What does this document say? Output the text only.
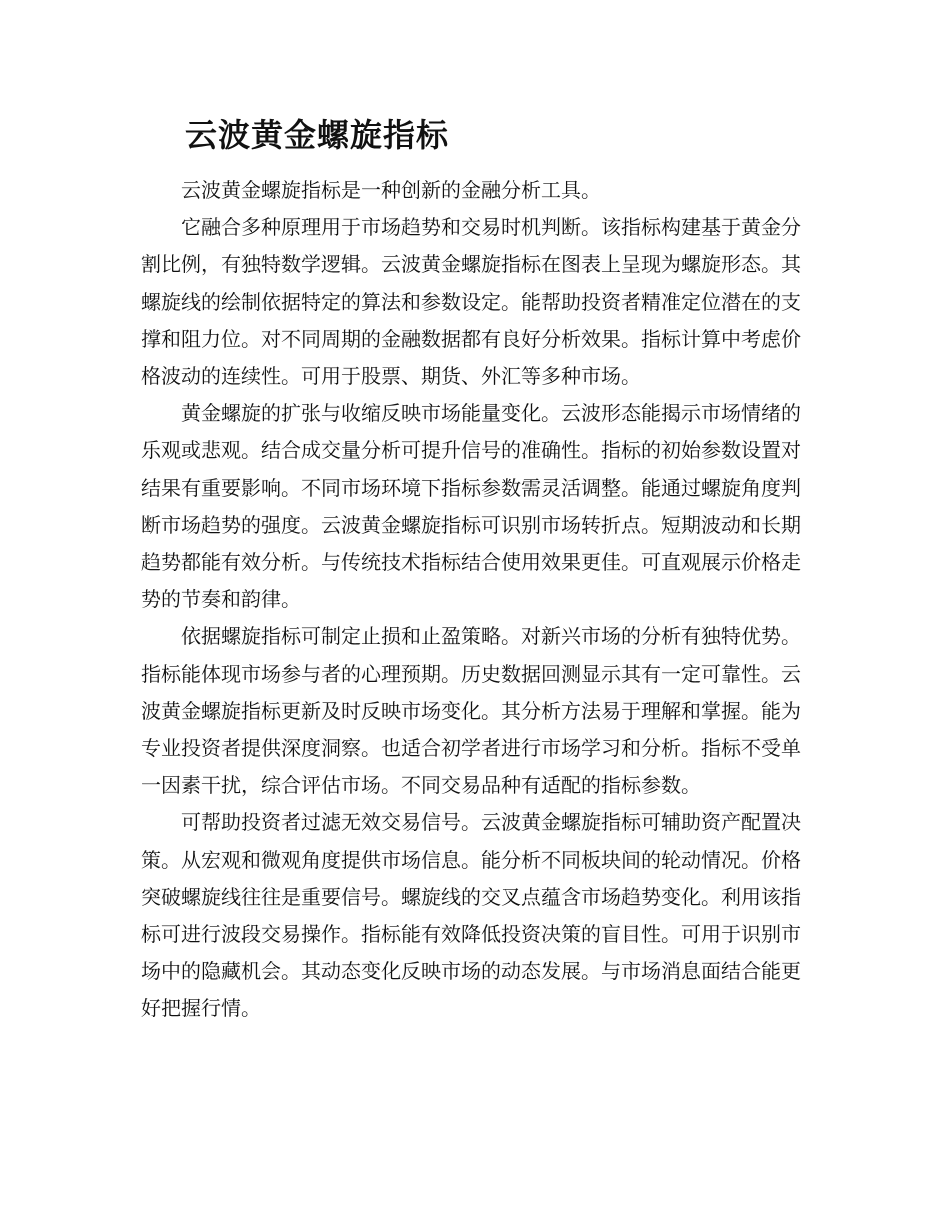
云波黄金螺旋指标

云波黄金螺旋指标是一种创新的金融分析工具。

它融合多种原理用于市场趋势和交易时机判断。该指标构建基于黄金分割比例，有独特数学逻辑。云波黄金螺旋指标在图表上呈现为螺旋形态。其螺旋线的绘制依据特定的算法和参数设定。能帮助投资者精准定位潜在的支撑和阻力位。对不同周期的金融数据都有良好分析效果。指标计算中考虑价格波动的连续性。可用于股票、期货、外汇等多种市场。

黄金螺旋的扩张与收缩反映市场能量变化。云波形态能揭示市场情绪的乐观或悲观。结合成交量分析可提升信号的准确性。指标的初始参数设置对结果有重要影响。不同市场环境下指标参数需灵活调整。能通过螺旋角度判断市场趋势的强度。云波黄金螺旋指标可识别市场转折点。短期波动和长期趋势都能有效分析。与传统技术指标结合使用效果更佳。可直观展示价格走势的节奏和韵律。

依据螺旋指标可制定止损和止盈策略。对新兴市场的分析有独特优势。指标能体现市场参与者的心理预期。历史数据回测显示其有一定可靠性。云波黄金螺旋指标更新及时反映市场变化。其分析方法易于理解和掌握。能为专业投资者提供深度洞察。也适合初学者进行市场学习和分析。指标不受单一因素干扰，综合评估市场。不同交易品种有适配的指标参数。

可帮助投资者过滤无效交易信号。云波黄金螺旋指标可辅助资产配置决策。从宏观和微观角度提供市场信息。能分析不同板块间的轮动情况。价格突破螺旋线往往是重要信号。螺旋线的交叉点蕴含市场趋势变化。利用该指标可进行波段交易操作。指标能有效降低投资决策的盲目性。可用于识别市场中的隐藏机会。其动态变化反映市场的动态发展。与市场消息面结合能更好把握行情。
